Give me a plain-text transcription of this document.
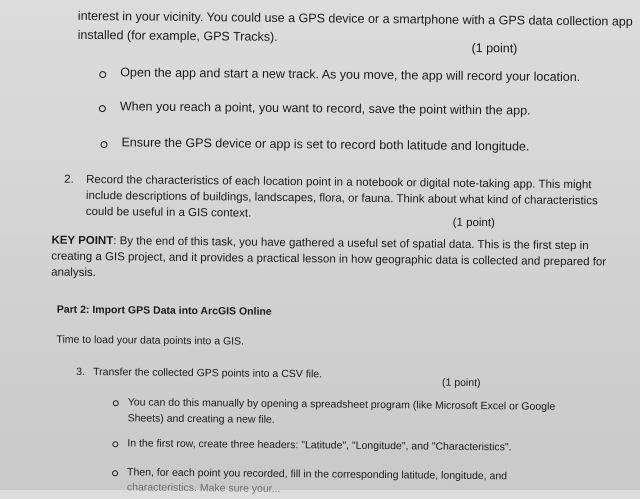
interest in your vicinity. You could use a GPS device or a smartphone with a GPS data collection app
installed (for example, GPS Tracks).
(1 point)
Open the app and start a new track. As you move, the app will record your location.
When you reach a point, you want to record, save the point within the app.
Ensure the GPS device or app is set to record both latitude and longitude.
2. Record the characteristics of each location point in a notebook or digital note-taking app. This might
include descriptions of buildings, landscapes, flora, or fauna. Think about what kind of characteristics
could be useful in a GIS context.
(1 point)
KEY POINT: By the end of this task, you have gathered a useful set of spatial data. This is the first step in
creating a GIS project, and it provides a practical lesson in how geographic data is collected and prepared for
analysis.
Part 2: Import GPS Data into ArcGIS Online
Time to load your data points into a GIS.
3. Transfer the collected GPS points into a CSV file.
(1 point)
You can do this manually by opening a spreadsheet program (like Microsoft Excel or Google
Sheets) and creating a new file.
In the first row, create three headers: "Latitude", "Longitude", and "Characteristics".
Then, for each point you recorded, fill in the corresponding latitude, longitude, and
characteristics. Make sure your...
